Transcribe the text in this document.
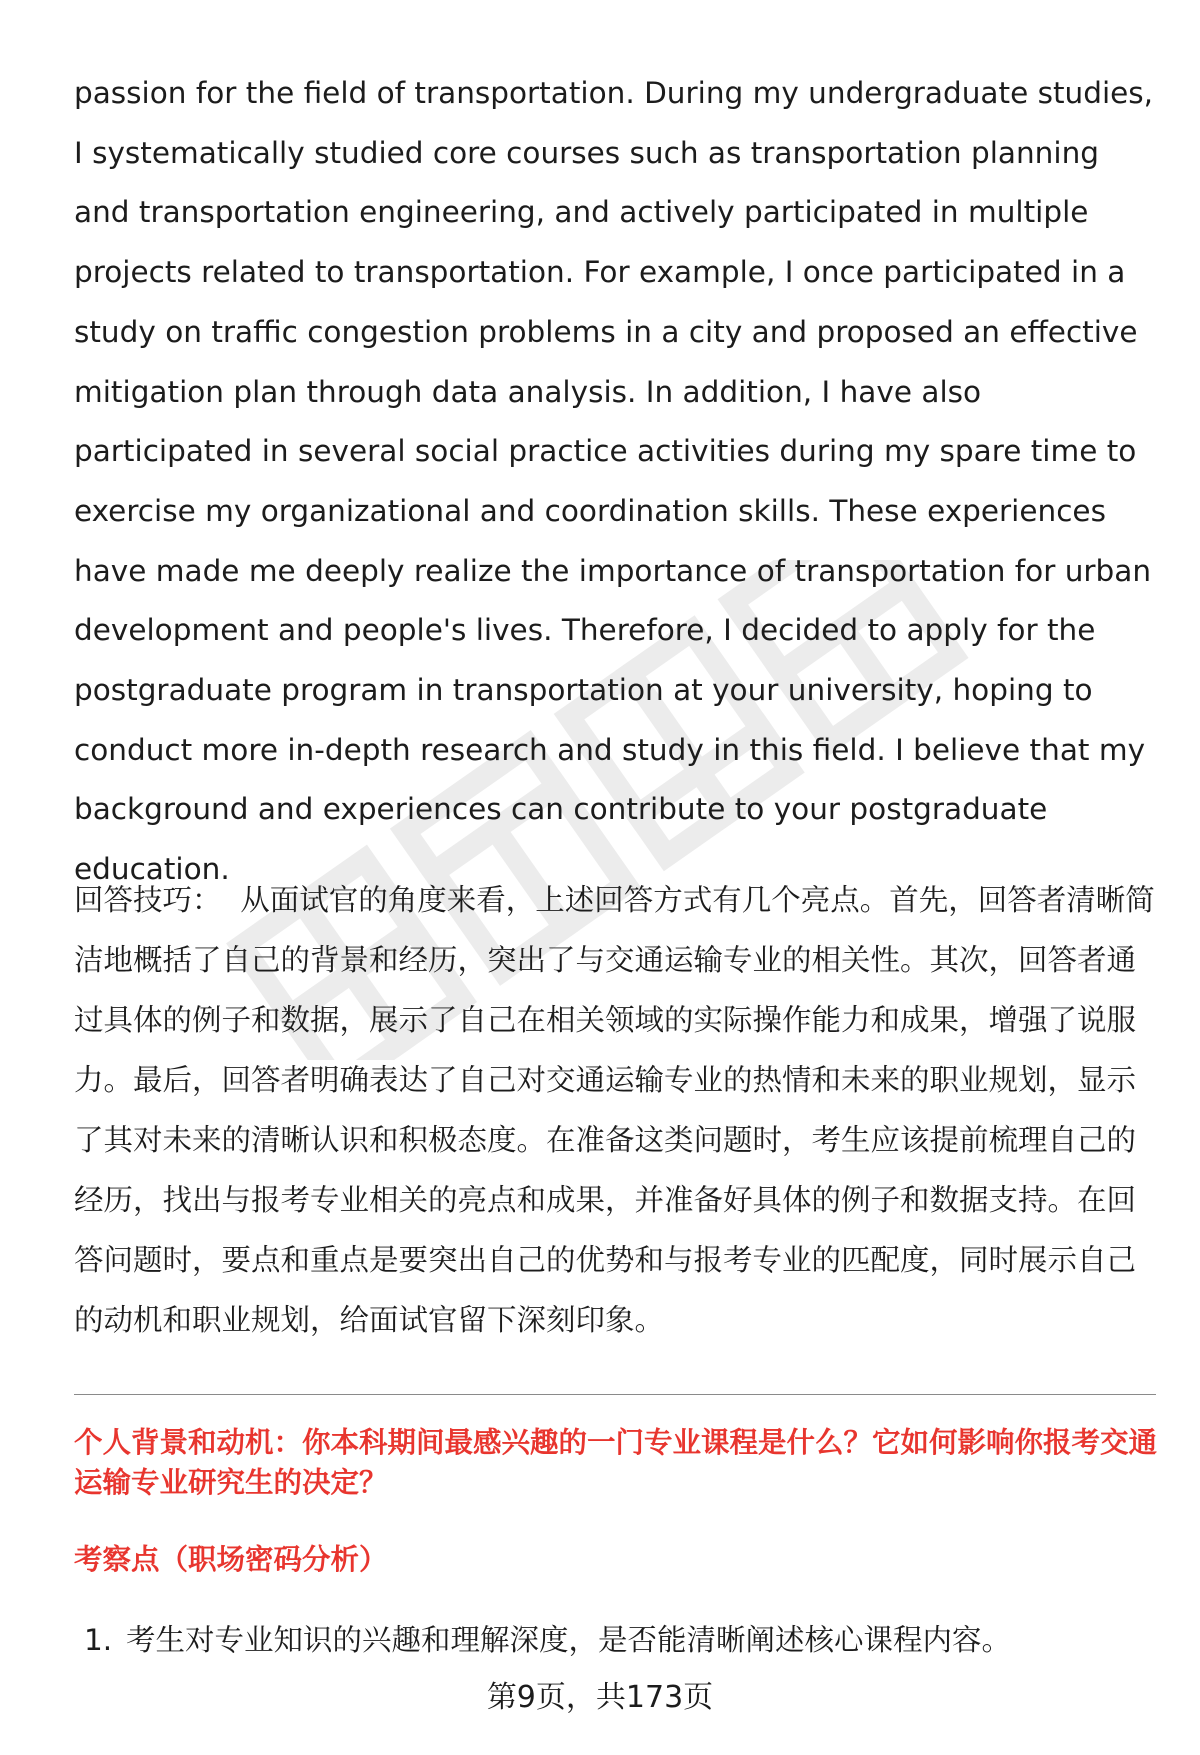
passion for the field of transportation. During my undergraduate studies, I systematically studied core courses such as transportation planning and transportation engineering, and actively participated in multiple projects related to transportation. For example, I once participated in a study on traffic congestion problems in a city and proposed an effective mitigation plan through data analysis. In addition, I have also participated in several social practice activities during my spare time to exercise my organizational and coordination skills. These experiences have made me deeply realize the importance of transportation for urban development and people's lives. Therefore, I decided to apply for the postgraduate program in transportation at your university, hoping to conduct more in-depth research and study in this field. I believe that my background and experiences can contribute to your postgraduate education.

回答技巧： 从面试官的角度来看，上述回答方式有几个亮点。首先，回答者清晰简洁地概括了自己的背景和经历，突出了与交通运输专业的相关性。其次，回答者通过具体的例子和数据，展示了自己在相关领域的实际操作能力和成果，增强了说服力。最后，回答者明确表达了自己对交通运输专业的热情和未来的职业规划，显示了其对未来的清晰认识和积极态度。在准备这类问题时，考生应该提前梳理自己的经历，找出与报考专业相关的亮点和成果，并准备好具体的例子和数据支持。在回答问题时，要点和重点是要突出自己的优势和与报考专业的匹配度，同时展示自己的动机和职业规划，给面试官留下深刻印象。

个人背景和动机：你本科期间最感兴趣的一门专业课程是什么？它如何影响你报考交通运输专业研究生的决定？

考察点（职场密码分析）

1. 考生对专业知识的兴趣和理解深度，是否能清晰阐述核心课程内容。

第9页，共173页
